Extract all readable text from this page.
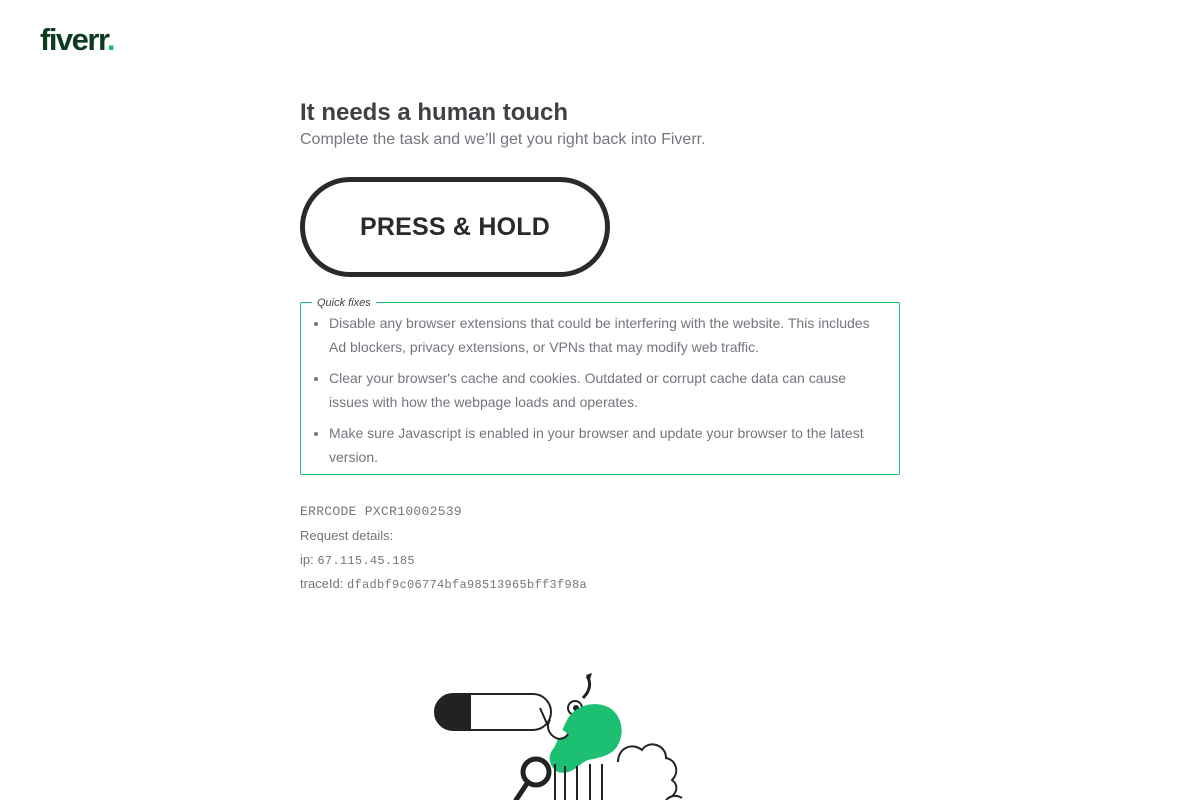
fiverr.
It needs a human touch

Complete the task and we’ll get you right back into Fiverr.

PRESS & HOLD
Quick fixes
• Disable any browser extensions that could be interfering with the website. This includes Ad blockers, privacy extensions, or VPNs that may modify web traffic.
• Clear your browser's cache and cookies. Outdated or corrupt cache data can cause issues with how the webpage loads and operates.
• Make sure Javascript is enabled in your browser and update your browser to the latest version.
ERRCODE PXCR10002539
Request details:
ip: 67.115.45.185
traceId: dfadbf9c06774bfa98513965bff3f98a
